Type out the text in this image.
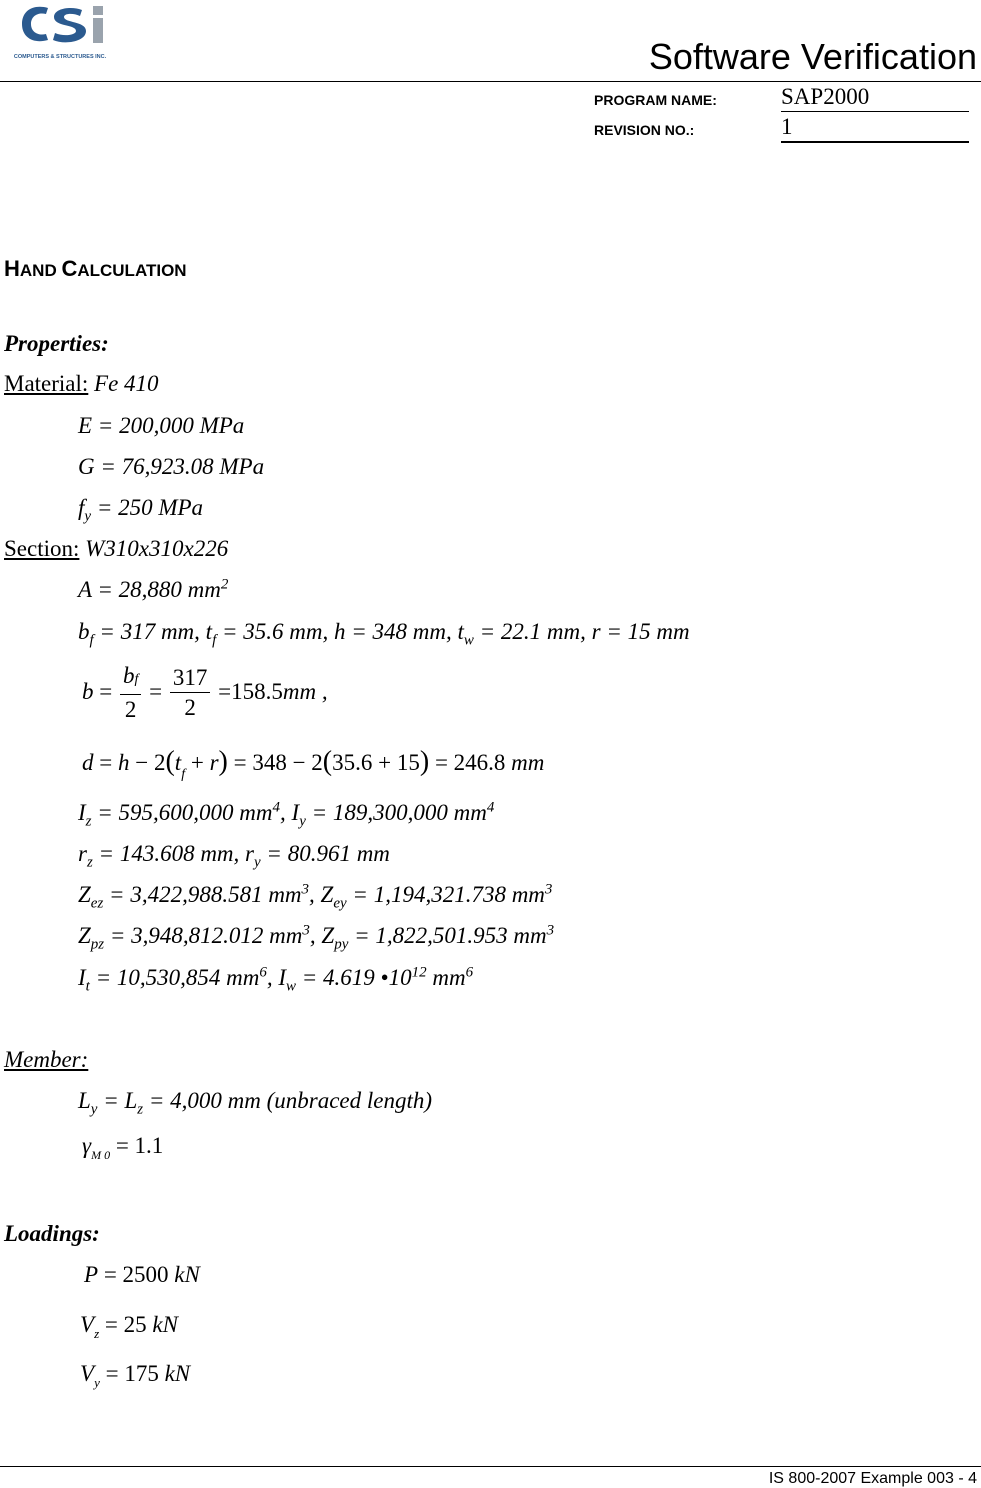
COMPUTERS & STRUCTURES INC.	Software Verification
PROGRAM NAME:	SAP2000
REVISION NO.:	1
HAND CALCULATION
Properties:
Material: Fe 410
E = 200,000 MPa
G = 76,923.08 MPa
$f_y = 250$ MPa
Section: W310x310x226
A = 28,880 $mm^2$
$b_f = 317$ mm, $t_f = 35.6$ mm, h = 348 mm, $t_w = 22.1$ mm, r = 15 mm
$b = \frac{bf}{2} = \frac{317}{2} =158.5mm$ ,
$d = h - 2(t_f + r) = 348 - 2(35.6 + 15) = 246.8$ mm
$I_z = 595,600,000$ $mm^4$, $I_y = 189,300,000$ $mm^4$
$r_z = 143.608$ mm, $r_y = 80.961$ mm
$Z_{ez} = 3,422,988.581$ $mm^3$, $Z_{ey} = 1,194,321.738$ $mm^3$
$Z_{pz} = 3,948,812.012$ $mm^3$, $Z_{py} = 1,822,501.953$ $mm^3$
$I_t = 10,530,854$ $mm^6$, $I_w = 4.619$ $•10^{12}$ $mm^6$
Member:
$L_y = L_z = 4,000$ mm (unbraced length)
$\gamma_{M 0} = 1.1$
Loadings:
P = 2500 kN
$V_z = 25$ kN
$V_y = 175$ kN
IS 800-2007 Example 003 - 4
